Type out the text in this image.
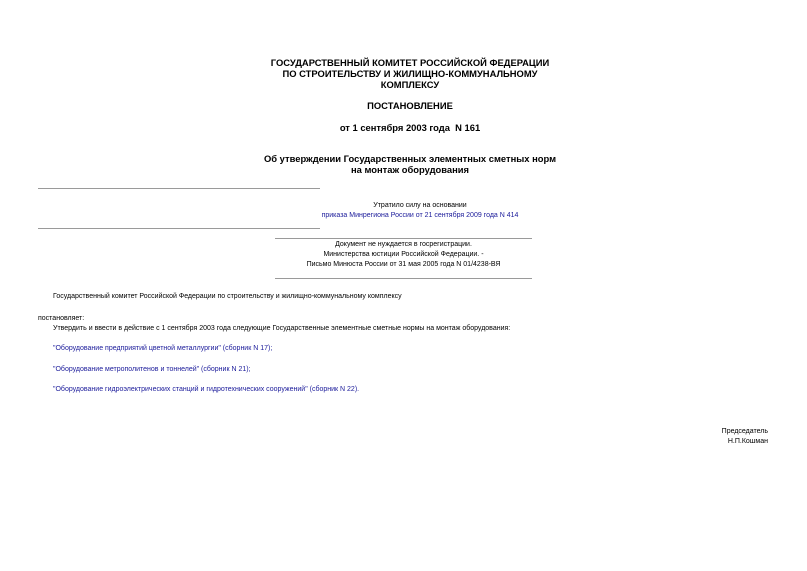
ГОСУДАРСТВЕННЫЙ КОМИТЕТ РОССИЙСКОЙ ФЕДЕРАЦИИ
ПО СТРОИТЕЛЬСТВУ И ЖИЛИЩНО-КОММУНАЛЬНОМУ
КОМПЛЕКСУ
ПОСТАНОВЛЕНИЕ
от 1 сентября 2003 года  N 161
Об утверждении Государственных элементных сметных норм
на монтаж оборудования
Утратило силу на основании
приказа Минрегиона России от 21 сентября 2009 года N 414
Документ не нуждается в госрегистрации.
Министерства юстиции Российской Федерации. -
Письмо Минюста России от 31 мая 2005 года N 01/4238-ВЯ
Государственный комитет Российской Федерации по строительству и жилищно-коммунальному комплексу
постановляет:
Утвердить и ввести в действие с 1 сентября 2003 года следующие Государственные элементные сметные нормы на монтаж оборудования:
"Оборудование предприятий цветной металлургии" (сборник N 17);
"Оборудование метрополитенов и тоннелей" (сборник N 21);
"Оборудование гидроэлектрических станций и гидротехнических сооружений" (сборник N 22).
Председатель
Н.П.Кошман
